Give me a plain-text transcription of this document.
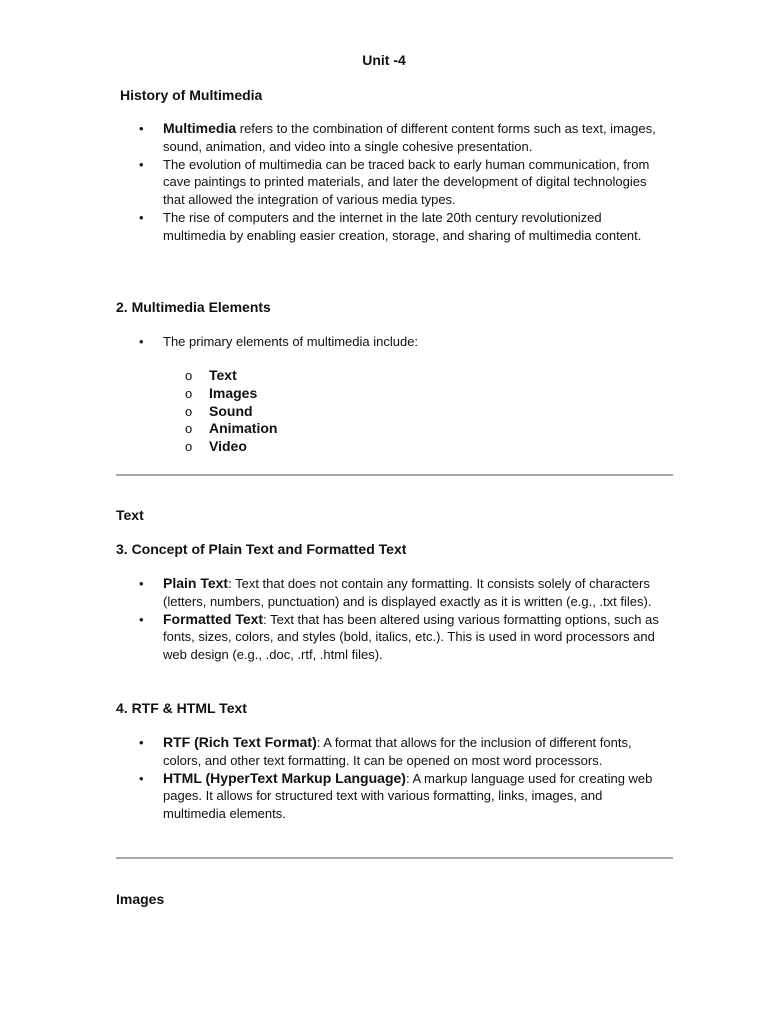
Unit -4
History of Multimedia
• Multimedia refers to the combination of different content forms such as text, images, sound, animation, and video into a single cohesive presentation.
• The evolution of multimedia can be traced back to early human communication, from cave paintings to printed materials, and later the development of digital technologies that allowed the integration of various media types.
• The rise of computers and the internet in the late 20th century revolutionized multimedia by enabling easier creation, storage, and sharing of multimedia content.
2. Multimedia Elements
• The primary elements of multimedia include:
o Text
o Images
o Sound
o Animation
o Video
Text
3. Concept of Plain Text and Formatted Text
• Plain Text: Text that does not contain any formatting. It consists solely of characters (letters, numbers, punctuation) and is displayed exactly as it is written (e.g., .txt files).
• Formatted Text: Text that has been altered using various formatting options, such as fonts, sizes, colors, and styles (bold, italics, etc.). This is used in word processors and web design (e.g., .doc, .rtf, .html files).
4. RTF & HTML Text
• RTF (Rich Text Format): A format that allows for the inclusion of different fonts, colors, and other text formatting. It can be opened on most word processors.
• HTML (HyperText Markup Language): A markup language used for creating web pages. It allows for structured text with various formatting, links, images, and multimedia elements.
Images
